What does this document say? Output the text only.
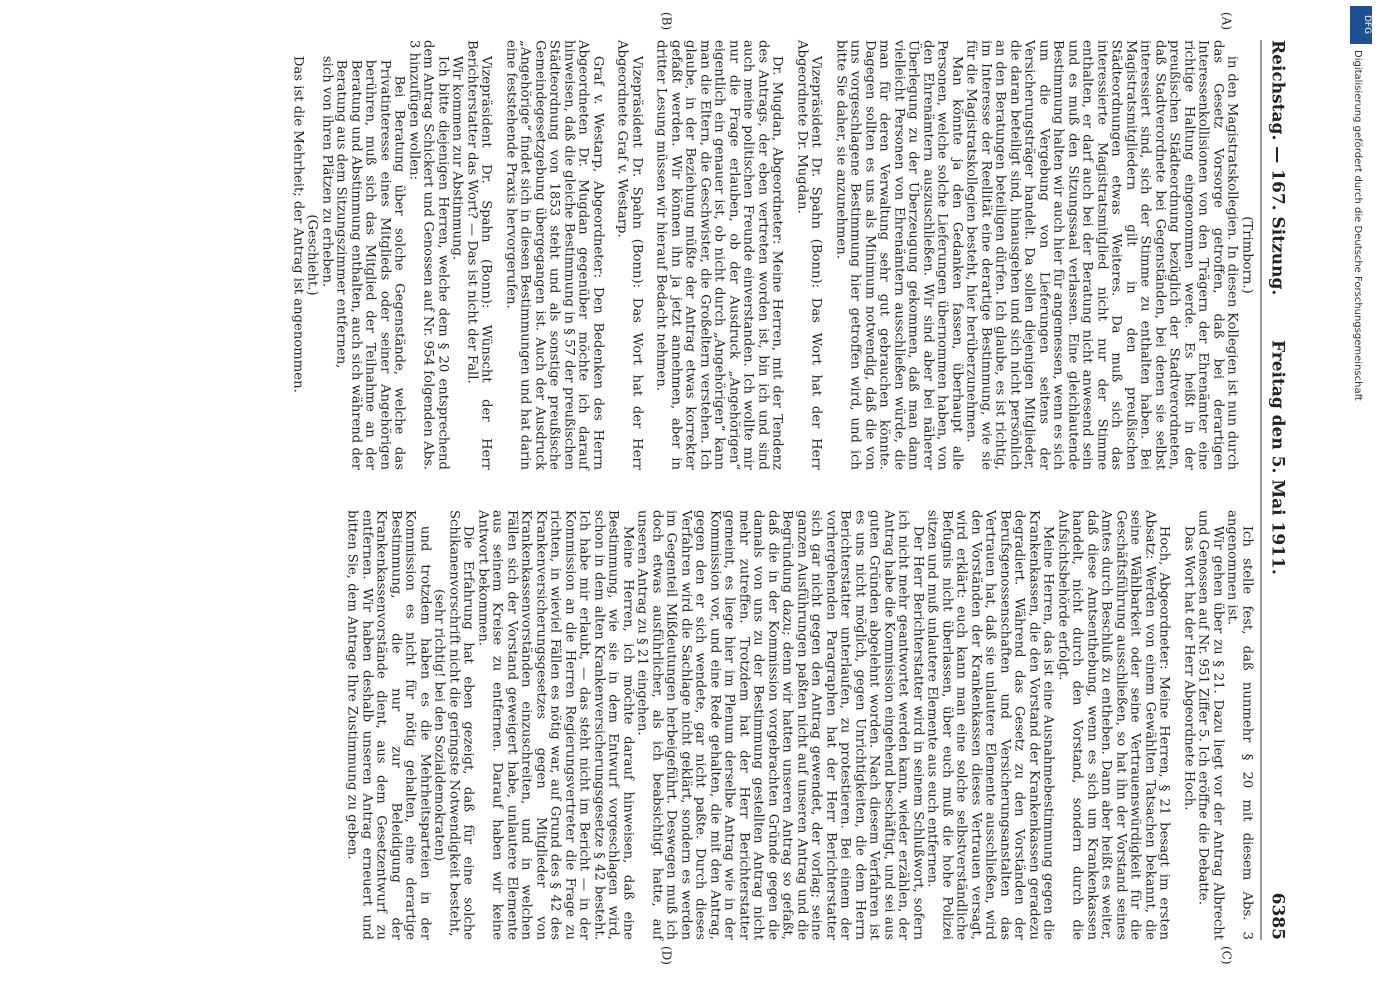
Reichstag. — 167. Sitzung.
Freitag den 5. Mai 1911.
6385
(A)
(B)
(C)
(D)

(Trimborn.)

in den Magistratskollegien. In diesen Kollegien ist nun durch das Gesetz Vorsorge getroffen, daß bei derartigen Interessenkollisionen von den Trägern der Ehrenämter eine richtige Haltung eingenommen werde. Es heißt in der preußischen Städteordnung bezüglich der Stadtverordneten, daß Stadtverordnete bei Gegenständen, bei denen sie selbst interessiert sind, sich der Stimme zu enthalten haben. Bei Magistratsmitgliedern gilt in den preußischen Städteordnungen etwas Weiteres. Da muß sich das interessierte Magistratsmitglied nicht nur der Stimme enthalten, er darf auch bei der Beratung nicht anwesend sein und es muß den Sitzungssaal verlassen. Eine gleichlautende Bestimmung halten wir auch hier für angemessen, wenn es sich um die Vergebung von Lieferungen seitens der Versicherungsträger handelt. Da sollen diejenigen Mitglieder, die daran beteiligt sind, hinausgehen und sich nicht persönlich an den Beratungen beteiligen dürfen. Ich glaube, es ist richtig, im Interesse der Reellität eine derartige Bestimmung, wie sie für die Magistratskollegien besteht, hier herüberzunehmen.

Man könnte ja den Gedanken fassen, überhaupt alle Personen, welche solche Lieferungen übernommen haben, von den Ehrenämtern auszuschließen. Wir sind aber bei näherer Überlegung zu der Überzeugung gekommen, daß man dann vielleicht Personen von Ehrenämtern ausschließen würde, die man für deren Verwaltung sehr gut gebrauchen könnte. Dagegen sollten es uns als Minimum notwendig, daß die von uns vorgeschlagene Bestimmung hier getroffen wird, und ich bitte Sie daher, sie anzunehmen.

Vizepräsident Dr. Spahn (Bonn): Das Wort hat der Herr Abgeordnete Dr. Mugdan.

Dr. Mugdan, Abgeordneter: Meine Herren, mit der Tendenz des Antrags, der eben vertreten worden ist, bin ich und sind auch meine politischen Freunde einverstanden. Ich wollte mir nur die Frage erlauben, ob der Ausdruck „Angehörigen“ eigentlich ein genauer ist, ob nicht durch „Angehörigen“ kann man die Eltern, die Geschwister, die Großeltern verstehen. Ich glaube, in der Beziehung müßte der Antrag etwas korrekter gefaßt werden. Wir können ihn ja jetzt annehmen, aber in dritter Lesung müssen wir hierauf Bedacht nehmen.

Vizepräsident Dr. Spahn (Bonn): Das Wort hat der Herr Abgeordnete Graf v. Westarp.

Graf v. Westarp, Abgeordneter: Den Bedenken des Herrn Abgeordneten Dr. Mugdan gegenüber möchte ich darauf hinweisen, daß die gleiche Bestimmung in § 57 der preußischen Städteordnung von 1853 steht und als sonstige preußische Gemeindegesetzgebung übergegangen ist. Auch der Ausdruck „Angehörige“ findet sich in diesen Bestimmungen und hat darin eine feststehende Praxis hervorgerufen.

Vizepräsident Dr. Spahn (Bonn): Wünscht der Herr Berichterstatter das Wort? — Das ist nicht der Fall.

Wir kommen zur Abstimmung.

Ich bitte diejenigen Herren, welche dem § 20 entsprechend dem Antrag Schickert und Genossen auf Nr. 954 folgenden Abs. 3 hinzufügen wollen:

Bei Beratung über solche Gegenstände, welche das Privatinteresse eines Mitglieds oder seiner Angehörigen berühren, muß sich das Mitglied der Teilnahme an der Beratung und Abstimmung enthalten, auch sich während der Beratung aus dem Sitzungszimmer entfernen,

sich von ihren Plätzen zu erheben.

(Geschieht.)

Das ist die Mehrheit; der Antrag ist angenommen.

Ich stelle fest, daß nunmehr § 20 mit diesem Abs. 3 angenommen ist.

Wir gehen über zu § 21. Dazu liegt vor der Antrag Albrecht und Genossen auf Nr. 951 Ziffer 5. Ich eröffne die Debatte.

Das Wort hat der Herr Abgeordnete Hoch.

Hoch, Abgeordneter: Meine Herren, § 21 besagt im ersten Absatz: Werden von einem Gewählten Tatsachen bekannt, die seine Wählbarkeit oder seine Vertrauenswürdigkeit für die Geschäftsführung ausschließen, so hat ihn der Vorstand seines Amtes durch Beschluß zu entheben. Dann aber heißt es weiter, daß diese Amtsenthebung, wenn es sich um Krankenkassen handelt, nicht durch den Vorstand, sondern durch die Aufsichtsbehörde erfolgt.

Meine Herren, das ist eine Ausnahmebestimmung gegen die Krankenkassen, die den Vorstand der Krankenkassen geradezu degradiert. Während das Gesetz zu den Vorständen der Berufsgenossenschaften und Versicherungsanstalten das Vertrauen hat, daß sie unlautere Elemente ausschließen, wird den Vorständen der Krankenkassen dieses Vertrauen versagt, wird erklärt: euch kann man eine solche selbstverständliche Befugnis nicht überlassen, über euch muß die hohe Polizei sitzen und muß unlautere Elemente aus euch entfernen.

Der Herr Berichterstatter wird in seinem Schlußwort, sofern ich nicht mehr geantwortet werden kann, wieder erzählen, der Antrag habe die Kommission eingehend beschäftigt, und sei aus guten Gründen abgelehnt worden. Nach diesem Verfahren ist es uns nicht möglich, gegen Unrichtigkeiten, die dem Herrn Berichterstatter unterlaufen, zu protestieren. Bei einem der vorhergehenden Paragraphen hat der Herr Berichterstatter sich gar nicht gegen den Antrag gewendet, der vorlag; seine ganzen Ausführungen paßten nicht auf unseren Antrag und die Begründung dazu; denn wir hatten unseren Antrag so gefaßt, daß die in der Kommission vorgebrachten Gründe gegen die damals von uns zu der Bestimmung gestellten Antrag nicht mehr zutreffen. Trotzdem hat der Herr Berichterstatter gemeint, es liege hier im Plenum derselbe Antrag wie in der Kommission vor, und eine Rede gehalten, die mit den Antrag, gegen den er sich wendete, gar nicht paßte. Durch dieses Verfahren wird die Sachlage nicht geklärt, sondern es werden im Gegenteil Mißdeutungen herbeigeführt. Deswegen muß ich doch etwas ausführlicher, als ich beabsichtigt hatte, auf unseren Antrag zu § 21 eingehen.

Meine Herren, ich möchte darauf hinweisen, daß eine Bestimmung, wie sie in dem Entwurf vorgeschlagen wird, schon in dem alten Krankenversicherungsgesetze § 42 besteht. Ich habe mir erlaubt, — das steht nicht im Bericht — in der Kommission an die Herren Regierungsvertreter die Frage zu richten, in wieviel Fällen es nötig war, auf Grund des § 42 des Krankenversicherungsgesetzes gegen Mitglieder von Krankenkassenvorständen einzuschreiten, und in welchen Fällen sich der Vorstand geweigert habe, unlautere Elemente aus seinem Kreise zu entfernen. Darauf haben wir keine Antwort bekommen.

Die Erfahrung hat eben gezeigt, daß für eine solche Schikanenvorschrift nicht die geringste Notwendigkeit besteht,

(sehr richtig! bei den Sozialdemokraten)

und trotzdem haben es die Mehrheitsparteien in der Kommission es nicht für nötig gehalten, eine derartige Bestimmung, die nur zur Beleidigung der Krankenkassenvorstände dient, aus dem Gesetzentwurf zu entfernen. Wir haben deshalb unseren Antrag erneuert und bitten Sie, dem Antrage Ihre Zustimmung zu geben.

DFG
Digitalisierung gefördert durch die Deutsche Forschungsgemeinschaft
